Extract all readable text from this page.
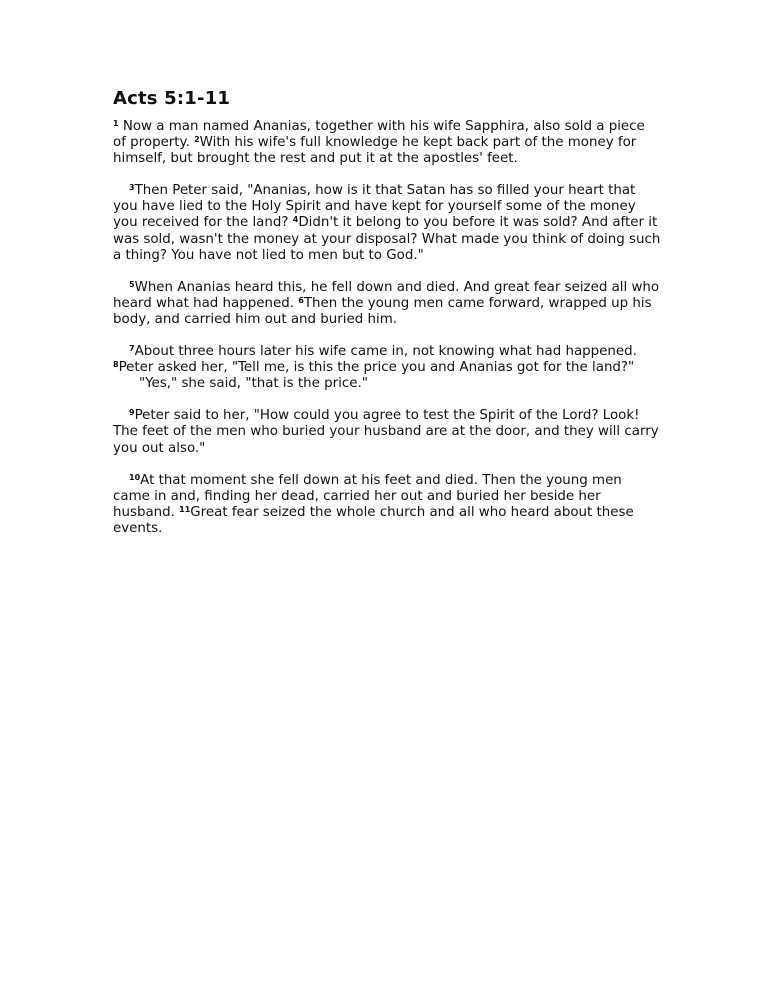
Acts 5:1-11

$^1$ Now a man named Ananias, together with his wife Sapphira, also sold a piece of property. $^2$With his wife's full knowledge he kept back part of the money for himself, but brought the rest and put it at the apostles' feet.

$^3$Then Peter said, "Ananias, how is it that Satan has so filled your heart that you have lied to the Holy Spirit and have kept for yourself some of the money you received for the land? $^4$Didn't it belong to you before it was sold? And after it was sold, wasn't the money at your disposal? What made you think of doing such a thing? You have not lied to men but to God."

$^5$When Ananias heard this, he fell down and died. And great fear seized all who heard what had happened. $^6$Then the young men came forward, wrapped up his body, and carried him out and buried him.

$^7$About three hours later his wife came in, not knowing what had happened. $^8$Peter asked her, "Tell me, is this the price you and Ananias got for the land?"
"Yes," she said, "that is the price."

$^9$Peter said to her, "How could you agree to test the Spirit of the Lord? Look! The feet of the men who buried your husband are at the door, and they will carry you out also."

$^{10}$At that moment she fell down at his feet and died. Then the young men came in and, finding her dead, carried her out and buried her beside her husband. $^{11}$Great fear seized the whole church and all who heard about these events.
